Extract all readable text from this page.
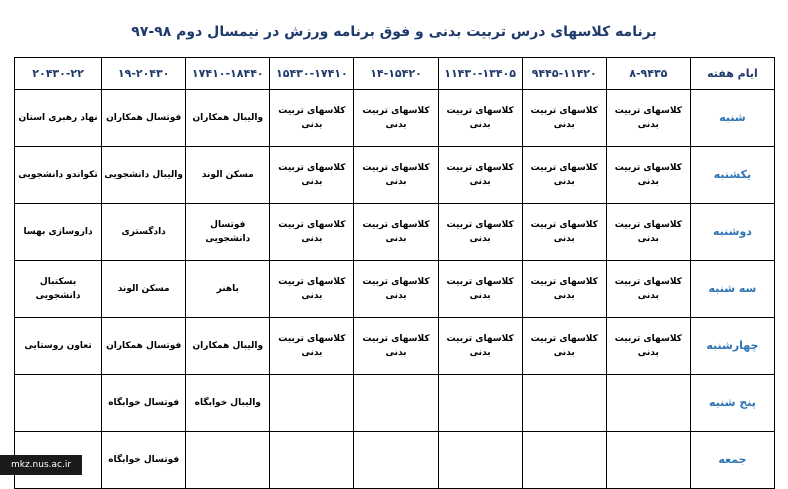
برنامه کلاسهای درس تربیت بدنی و فوق برنامه ورزش در نیمسال دوم ۹۸-۹۷
ایام هفته	۸-۹۴۳۵	۹۴۴۵-۱۱۴۲۰	۱۱۴۳۰-۱۳۴۰۵	۱۴-۱۵۴۲۰	۱۵۴۳۰-۱۷۴۱۰	۱۷۴۱۰-۱۸۴۴۰	۱۹-۲۰۴۳۰	۲۰۴۳۰-۲۲
شنبه	کلاسهای تربیت بدنی	کلاسهای تربیت بدنی	کلاسهای تربیت بدنی	کلاسهای تربیت بدنی	کلاسهای تربیت بدنی	والیبال همکاران	فوتسال همکاران	نهاد رهبری استان
یکشنبه	کلاسهای تربیت بدنی	کلاسهای تربیت بدنی	کلاسهای تربیت بدنی	کلاسهای تربیت بدنی	کلاسهای تربیت بدنی	مسکن الوند	والیبال دانشجویی	تکواندو دانشجویی
دوشنبه	کلاسهای تربیت بدنی	کلاسهای تربیت بدنی	کلاسهای تربیت بدنی	کلاسهای تربیت بدنی	کلاسهای تربیت بدنی	فوتسال دانشجویی	دادگستری	داروسازی بهسا
سه شنبه	کلاسهای تربیت بدنی	کلاسهای تربیت بدنی	کلاسهای تربیت بدنی	کلاسهای تربیت بدنی	کلاسهای تربیت بدنی	باهنر	مسکن الوند	بسکتبال دانشجویی
چهارشنبه	کلاسهای تربیت بدنی	کلاسهای تربیت بدنی	کلاسهای تربیت بدنی	کلاسهای تربیت بدنی	کلاسهای تربیت بدنی	والیبال همکاران	فوتسال همکاران	تعاون روستایی
پنج شنبه						والیبال خوابگاه	فوتسال خوابگاه	
جمعه							فوتسال خوابگاه	
mkz.nus.ac.ir
